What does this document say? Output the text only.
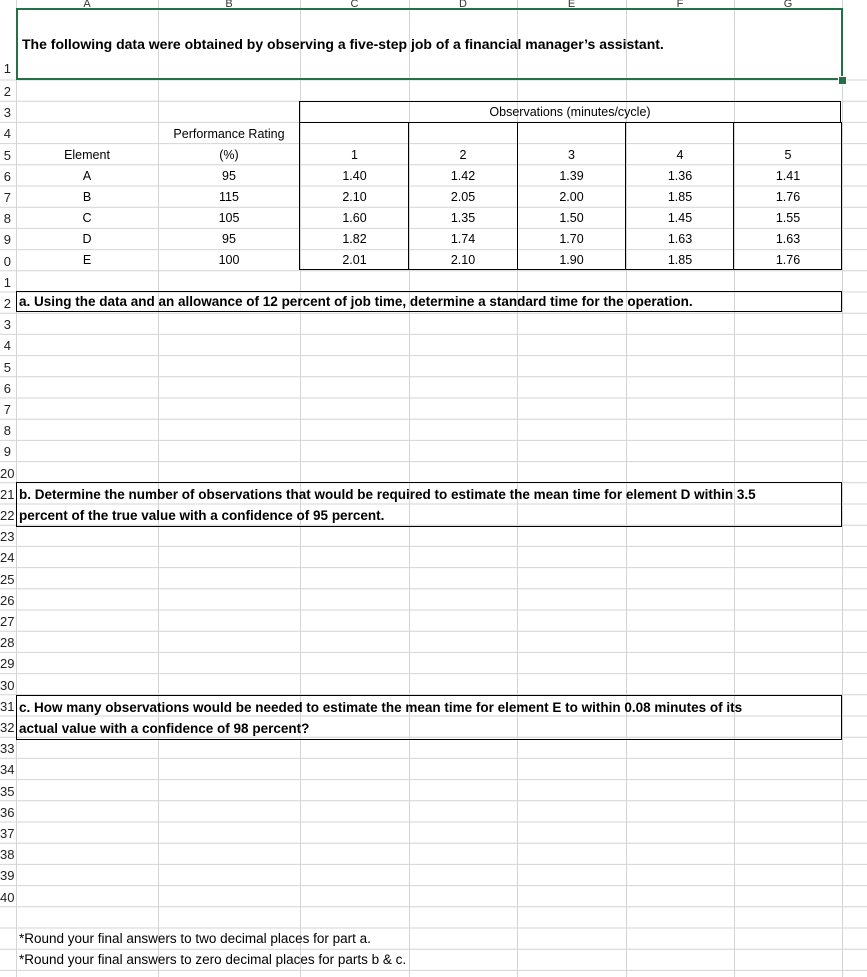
A	B	C	D	E	F	G
1
2
3
4
5
6
7
8
9
0
1
2
3
4
5
6
7
8
9
20
21
22
23
24
25
26
27
28
29
30
31
32
33
34
35
36
37
38
39
40
The following data were obtained by observing a five-step job of a financial manager’s assistant.
Observations (minutes/cycle)
Performance Rating
Element	(%)	1	2	3	4	5
A	95	1.40	1.42	1.39	1.36	1.41
B	115	2.10	2.05	2.00	1.85	1.76
C	105	1.60	1.35	1.50	1.45	1.55
D	95	1.82	1.74	1.70	1.63	1.63
E	100	2.01	2.10	1.90	1.85	1.76
a. Using the data and an allowance of 12 percent of job time, determine a standard time for the operation.
b. Determine the number of observations that would be required to estimate the mean time for element D within 3.5
percent of the true value with a confidence of 95 percent.
c. How many observations would be needed to estimate the mean time for element E to within 0.08 minutes of its
actual value with a confidence of 98 percent?
*Round your final answers to two decimal places for part a.
*Round your final answers to zero decimal places for parts b & c.
